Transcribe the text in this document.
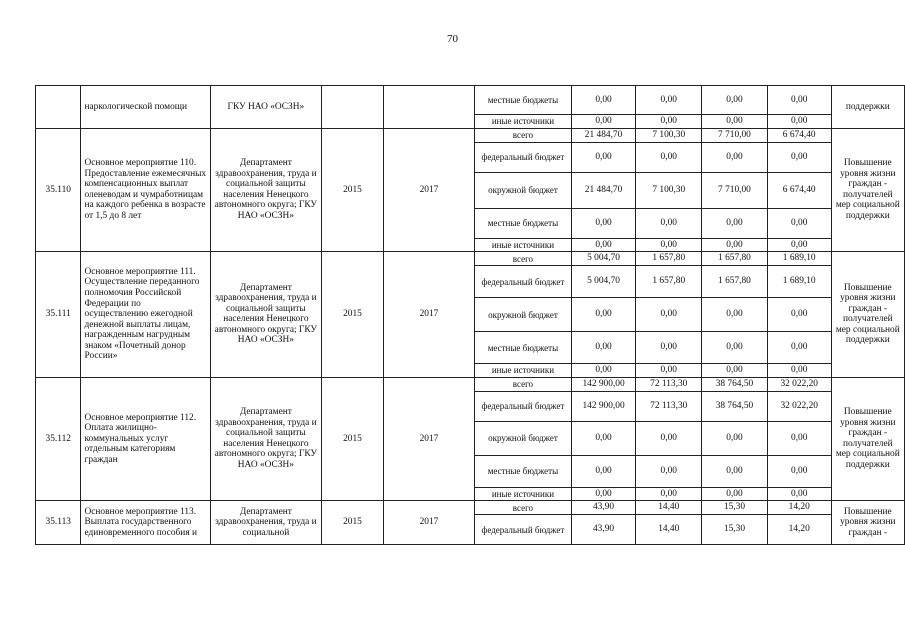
70
	наркологической помощи	ГКУ НАО «ОСЗН»			местные бюджеты	0,00	0,00	0,00	0,00	поддержки
					иные источники	0,00	0,00	0,00	0,00	
35.110	Основное мероприятие 110. Предоставление ежемесячных компенсационных выплат оленеводам и чумработницам на каждого ребенка в возрасте от 1,5 до 8 лет	Департамент здравоохранения, труда и социальной защиты населения Ненецкого автономного округа; ГКУ НАО «ОСЗН»	2015	2017	всего	21 484,70	7 100,30	7 710,00	6 674,40	Повышение уровня жизни граждан - получателей мер социальной поддержки
					федеральный бюджет	0,00	0,00	0,00	0,00	
					окружной бюджет	21 484,70	7 100,30	7 710,00	6 674,40	
					местные бюджеты	0,00	0,00	0,00	0,00	
					иные источники	0,00	0,00	0,00	0,00	
35.111	Основное мероприятие 111. Осуществление переданного полномочия Российской Федерации по осуществлению ежегодной денежной выплаты лицам, награжденным нагрудным знаком «Почетный донор России»	Департамент здравоохранения, труда и социальной защиты населения Ненецкого автономного округа; ГКУ НАО «ОСЗН»	2015	2017	всего	5 004,70	1 657,80	1 657,80	1 689,10	Повышение уровня жизни граждан - получателей мер социальной поддержки
					федеральный бюджет	5 004,70	1 657,80	1 657,80	1 689,10	
					окружной бюджет	0,00	0,00	0,00	0,00	
					местные бюджеты	0,00	0,00	0,00	0,00	
					иные источники	0,00	0,00	0,00	0,00	
35.112	Основное мероприятие 112. Оплата жилищно-коммунальных услуг отдельным категориям граждан	Департамент здравоохранения, труда и социальной защиты населения Ненецкого автономного округа; ГКУ НАО «ОСЗН»	2015	2017	всего	142 900,00	72 113,30	38 764,50	32 022,20	Повышение уровня жизни граждан - получателей мер социальной поддержки
					федеральный бюджет	142 900,00	72 113,30	38 764,50	32 022,20	
					окружной бюджет	0,00	0,00	0,00	0,00	
					местные бюджеты	0,00	0,00	0,00	0,00	
					иные источники	0,00	0,00	0,00	0,00	
35.113	Основное мероприятие 113. Выплата государственного единовременного пособия и	Департамент здравоохранения, труда и социальной	2015	2017	всего	43,90	14,40	15,30	14,20	Повышение уровня жизни граждан -
					федеральный бюджет	43,90	14,40	15,30	14,20	
